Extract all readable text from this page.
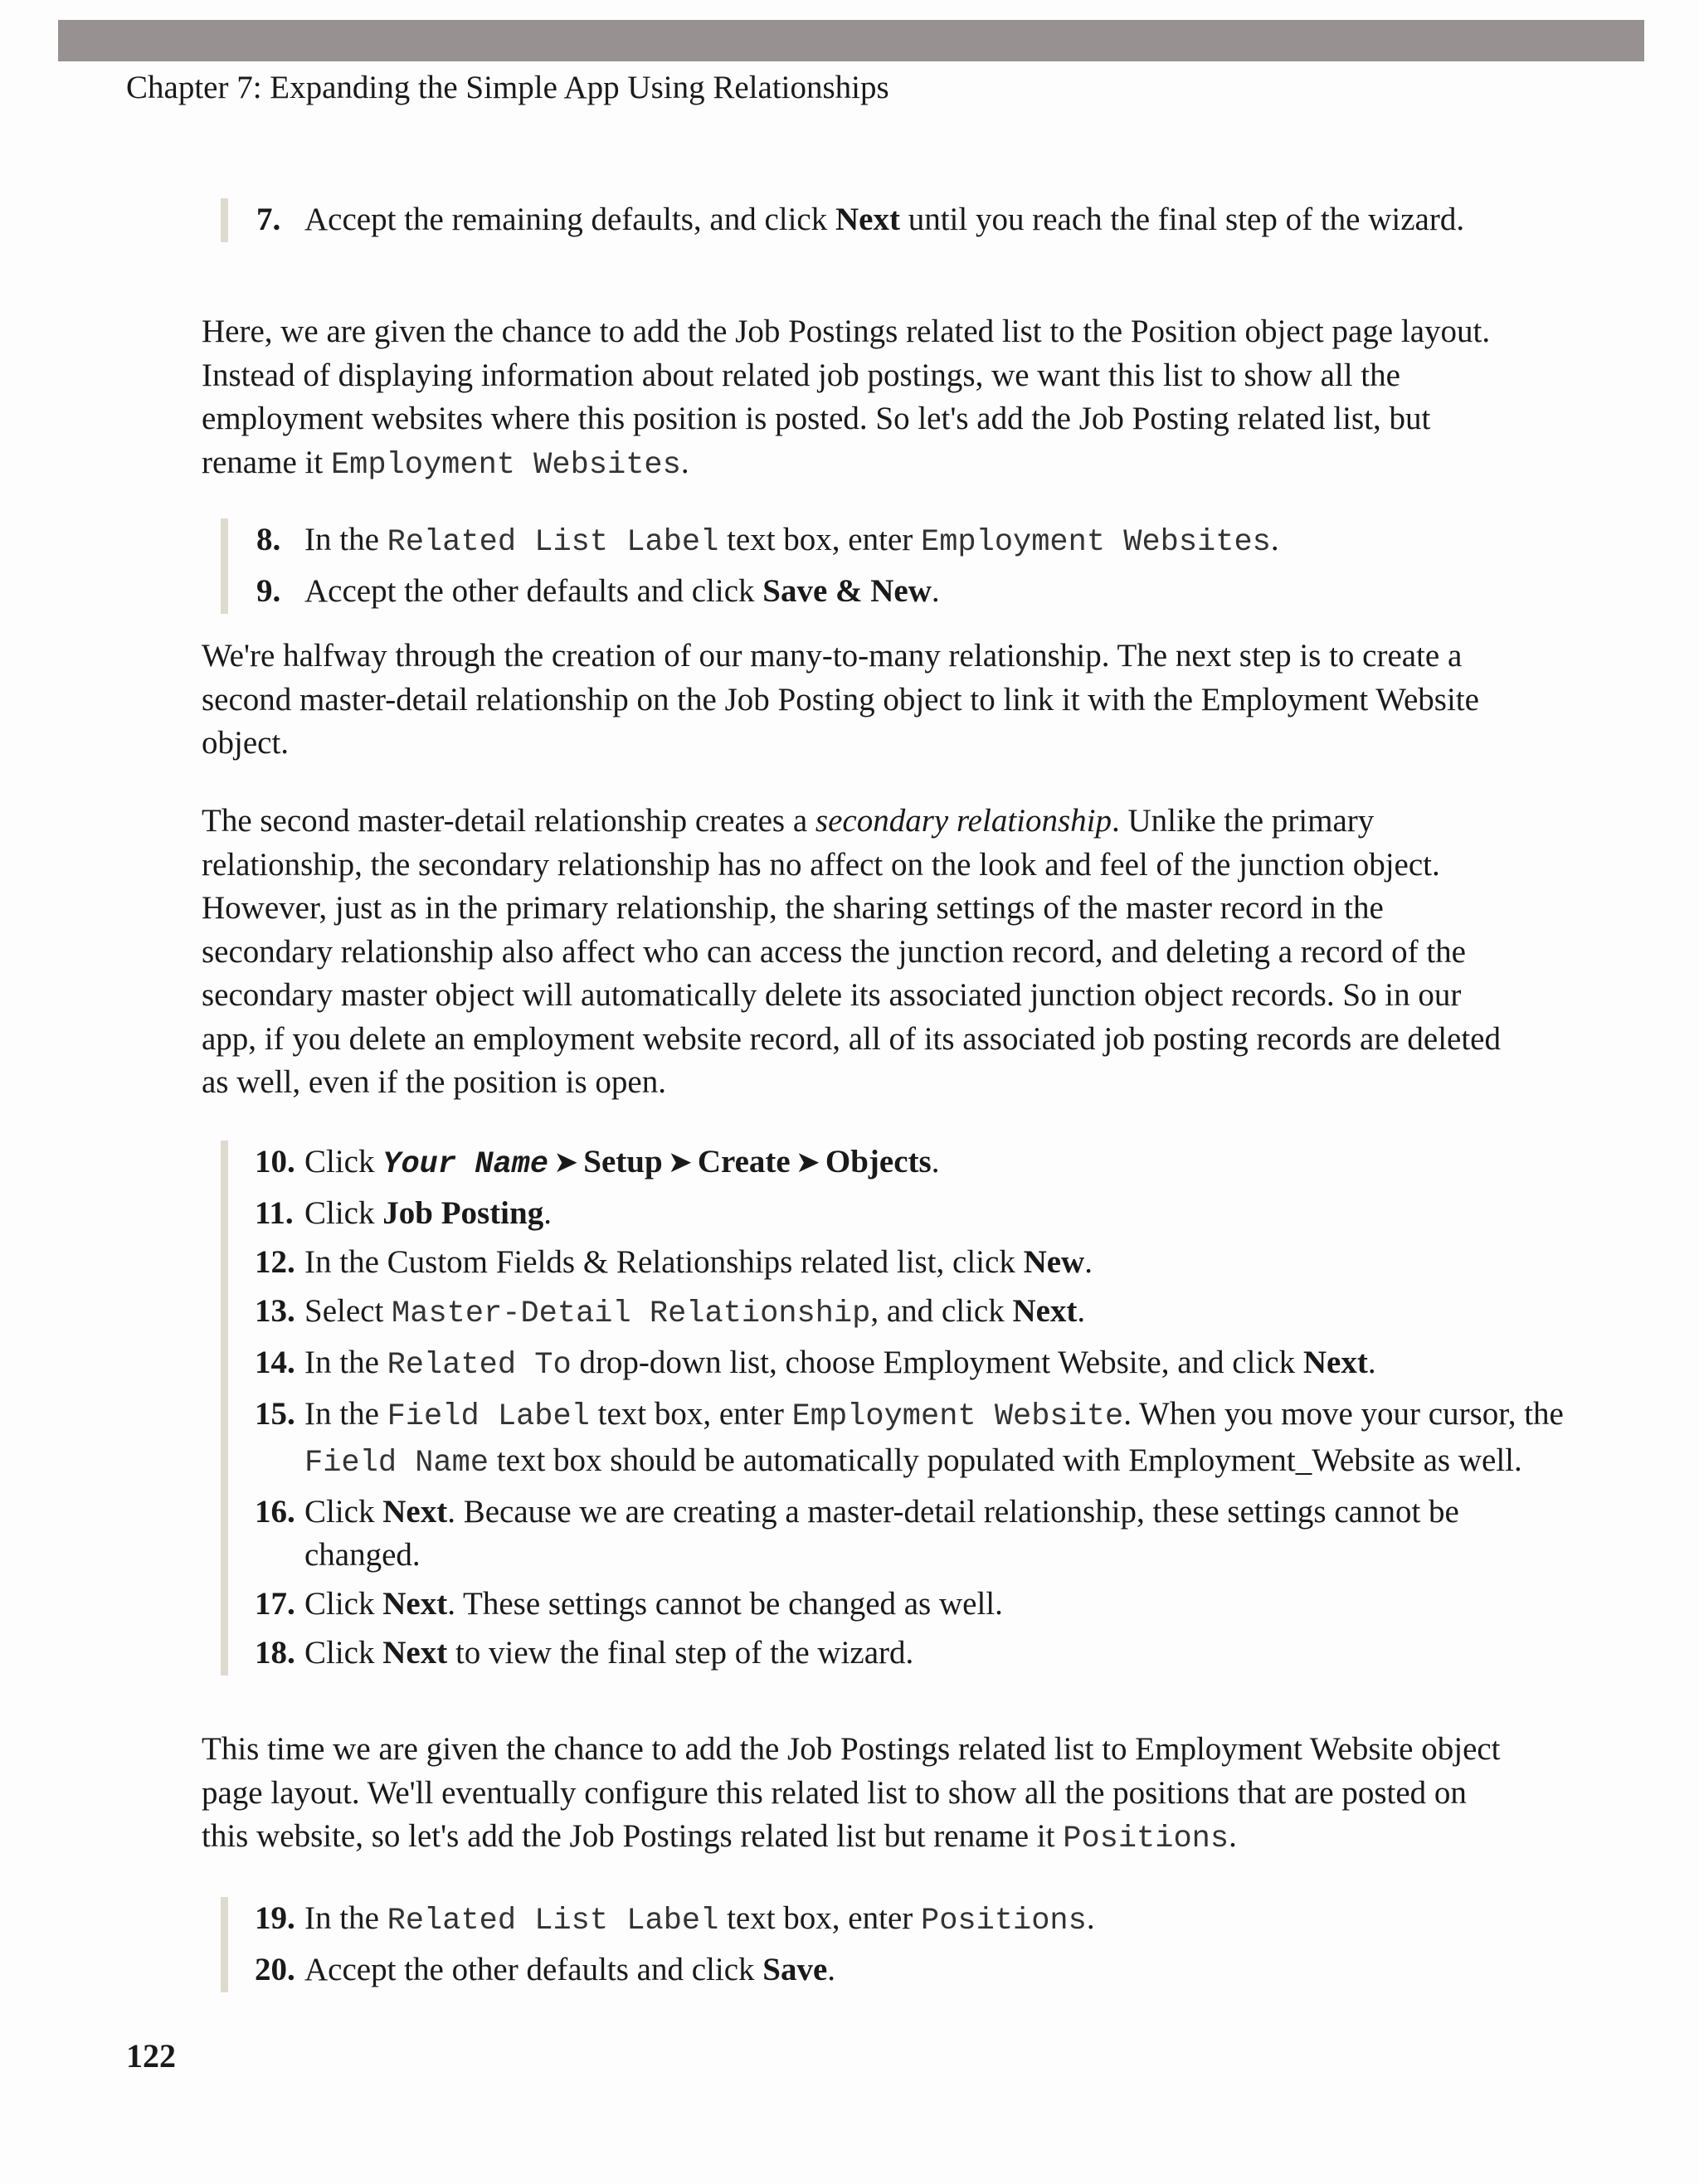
Chapter 7: Expanding the Simple App Using Relationships
7. Accept the remaining defaults, and click Next until you reach the final step of the wizard.
Here, we are given the chance to add the Job Postings related list to the Position object page layout. Instead of displaying information about related job postings, we want this list to show all the employment websites where this position is posted. So let's add the Job Posting related list, but rename it Employment Websites.
8. In the Related List Label text box, enter Employment Websites.
9. Accept the other defaults and click Save & New.
We're halfway through the creation of our many-to-many relationship. The next step is to create a second master-detail relationship on the Job Posting object to link it with the Employment Website object.
The second master-detail relationship creates a secondary relationship. Unlike the primary relationship, the secondary relationship has no affect on the look and feel of the junction object. However, just as in the primary relationship, the sharing settings of the master record in the secondary relationship also affect who can access the junction record, and deleting a record of the secondary master object will automatically delete its associated junction object records. So in our app, if you delete an employment website record, all of its associated job posting records are deleted as well, even if the position is open.
10. Click Your Name ➤ Setup ➤ Create ➤ Objects.
11. Click Job Posting.
12. In the Custom Fields & Relationships related list, click New.
13. Select Master-Detail Relationship, and click Next.
14. In the Related To drop-down list, choose Employment Website, and click Next.
15. In the Field Label text box, enter Employment Website. When you move your cursor, the Field Name text box should be automatically populated with Employment_Website as well.
16. Click Next. Because we are creating a master-detail relationship, these settings cannot be changed.
17. Click Next. These settings cannot be changed as well.
18. Click Next to view the final step of the wizard.
This time we are given the chance to add the Job Postings related list to Employment Website object page layout. We'll eventually configure this related list to show all the positions that are posted on this website, so let's add the Job Postings related list but rename it Positions.
19. In the Related List Label text box, enter Positions.
20. Accept the other defaults and click Save.
122
